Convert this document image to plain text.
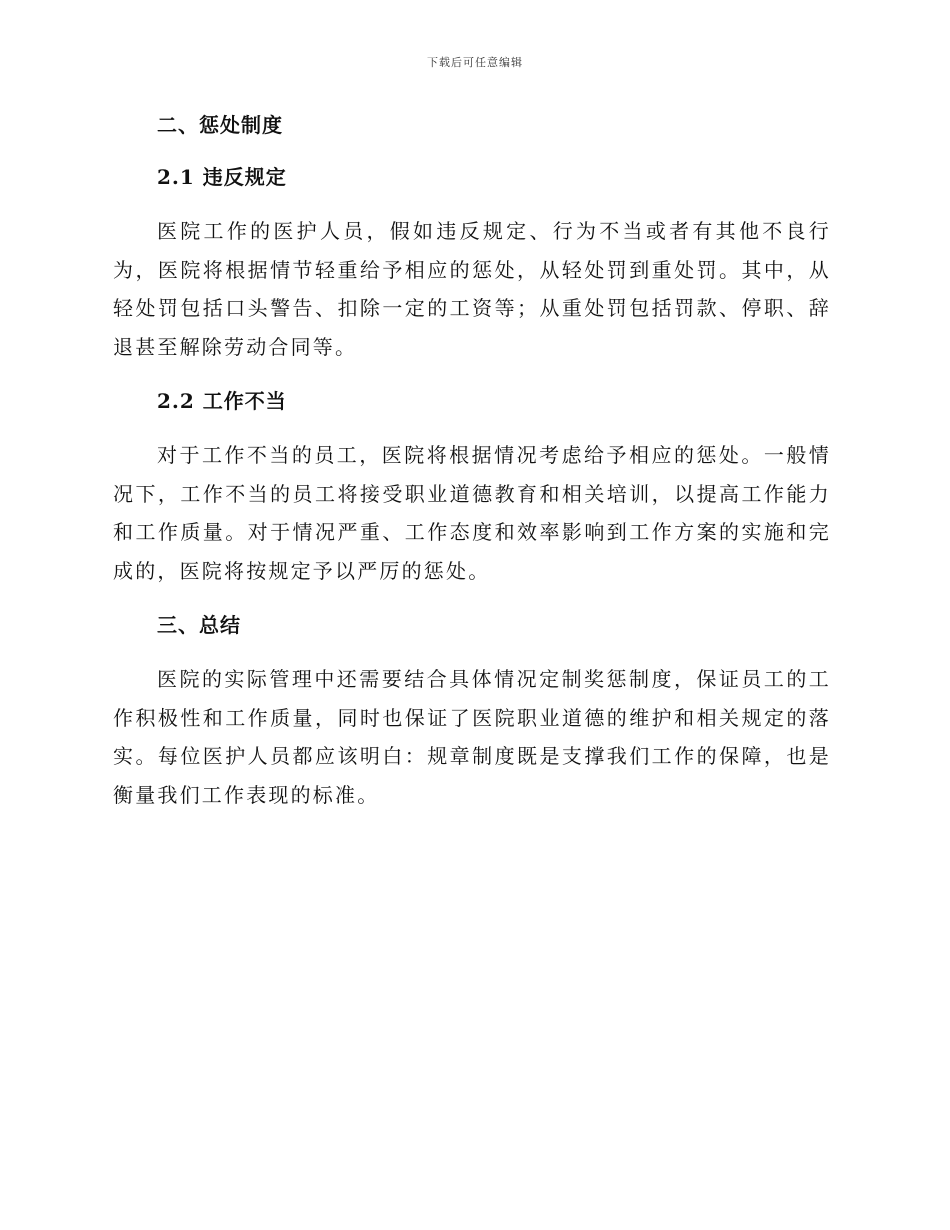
下载后可任意编辑
二、惩处制度
2.1 违反规定

医院工作的医护人员，假如违反规定、行为不当或者有其他不良行为，医院将根据情节轻重给予相应的惩处，从轻处罚到重处罚。其中，从轻处罚包括口头警告、扣除一定的工资等；从重处罚包括罚款、停职、辞退甚至解除劳动合同等。

2.2 工作不当

对于工作不当的员工，医院将根据情况考虑给予相应的惩处。一般情况下，工作不当的员工将接受职业道德教育和相关培训，以提高工作能力和工作质量。对于情况严重、工作态度和效率影响到工作方案的实施和完成的，医院将按规定予以严厉的惩处。

三、总结

医院的实际管理中还需要结合具体情况定制奖惩制度，保证员工的工作积极性和工作质量，同时也保证了医院职业道德的维护和相关规定的落实。每位医护人员都应该明白：规章制度既是支撑我们工作的保障，也是衡量我们工作表现的标准。
